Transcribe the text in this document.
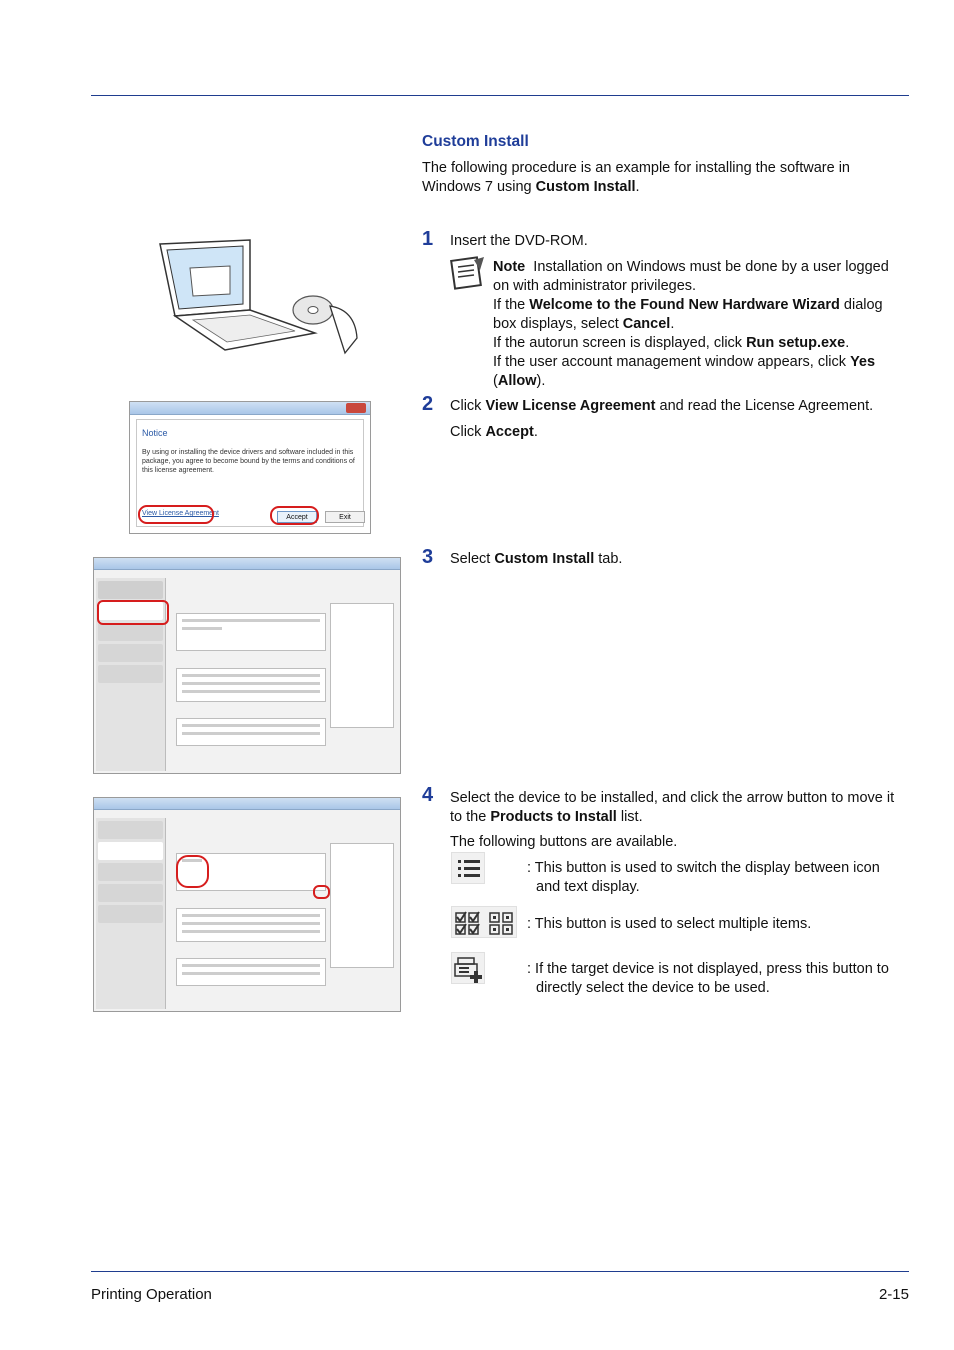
Custom Install
The following procedure is an example for installing the software in Windows 7 using Custom Install.
1 Insert the DVD-ROM.
Note Installation on Windows must be done by a user logged on with administrator privileges.
If the Welcome to the Found New Hardware Wizard dialog box displays, select Cancel.
If the autorun screen is displayed, click Run setup.exe.
If the user account management window appears, click Yes (Allow).
2 Click View License Agreement and read the License Agreement.
Click Accept.
Notice
By using or installing the device drivers and software included in this package, you agree to become bound by the terms and conditions of this license agreement.
View License Agreement
Accept	Exit
3 Select Custom Install tab.
4 Select the device to be installed, and click the arrow button to move it to the Products to Install list.
The following buttons are available.
: This button is used to switch the display between icon and text display.
: This button is used to select multiple items.
: If the target device is not displayed, press this button to directly select the device to be used.
Printing Operation	2-15
